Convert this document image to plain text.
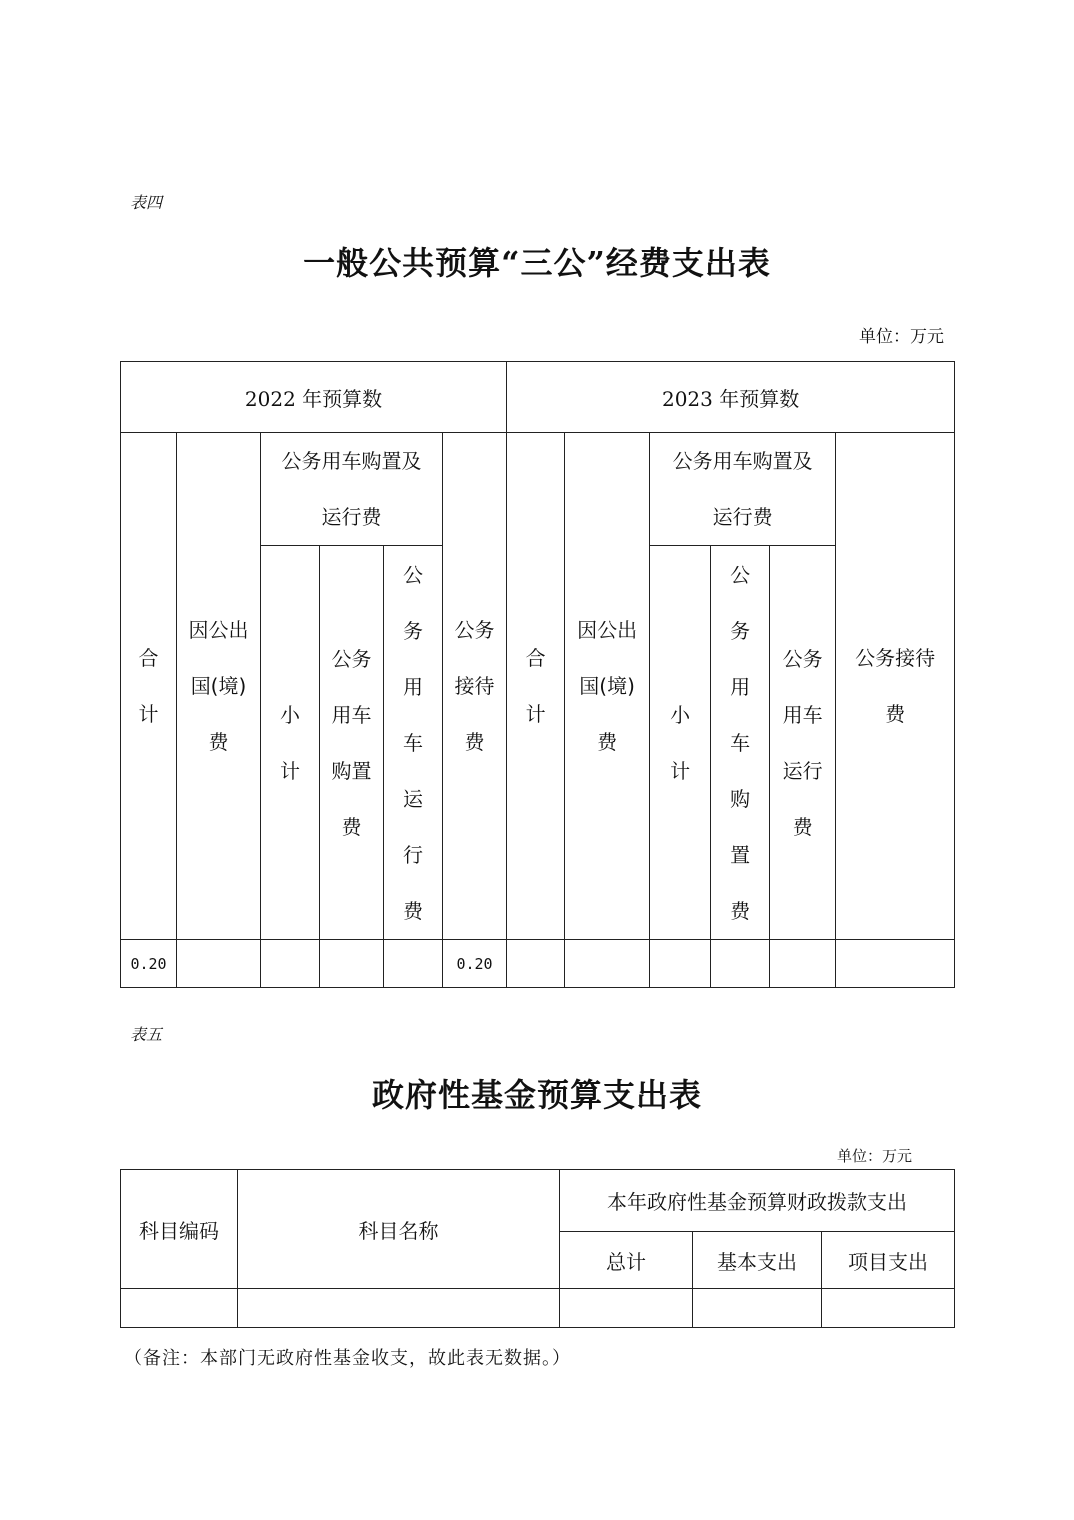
表四
一般公共预算“三公”经费支出表
单位：万元
2022 年预算数						2023 年预算数					
合计	因公出国(境)费	公务用车购置及运行费			公务接待费	合计	因公出国(境)费	公务用车购置及运行费			公务接待费
		小计	公务用车购置费	公务用车运行费				小计	公务用车购置费	公务用车运行费	
0.20					0.20						
表五
政府性基金预算支出表
单位：万元
科目编码	科目名称	本年政府性基金预算财政拨款支出		
		总计	基本支出	项目支出

（备注：本部门无政府性基金收支，故此表无数据。）
